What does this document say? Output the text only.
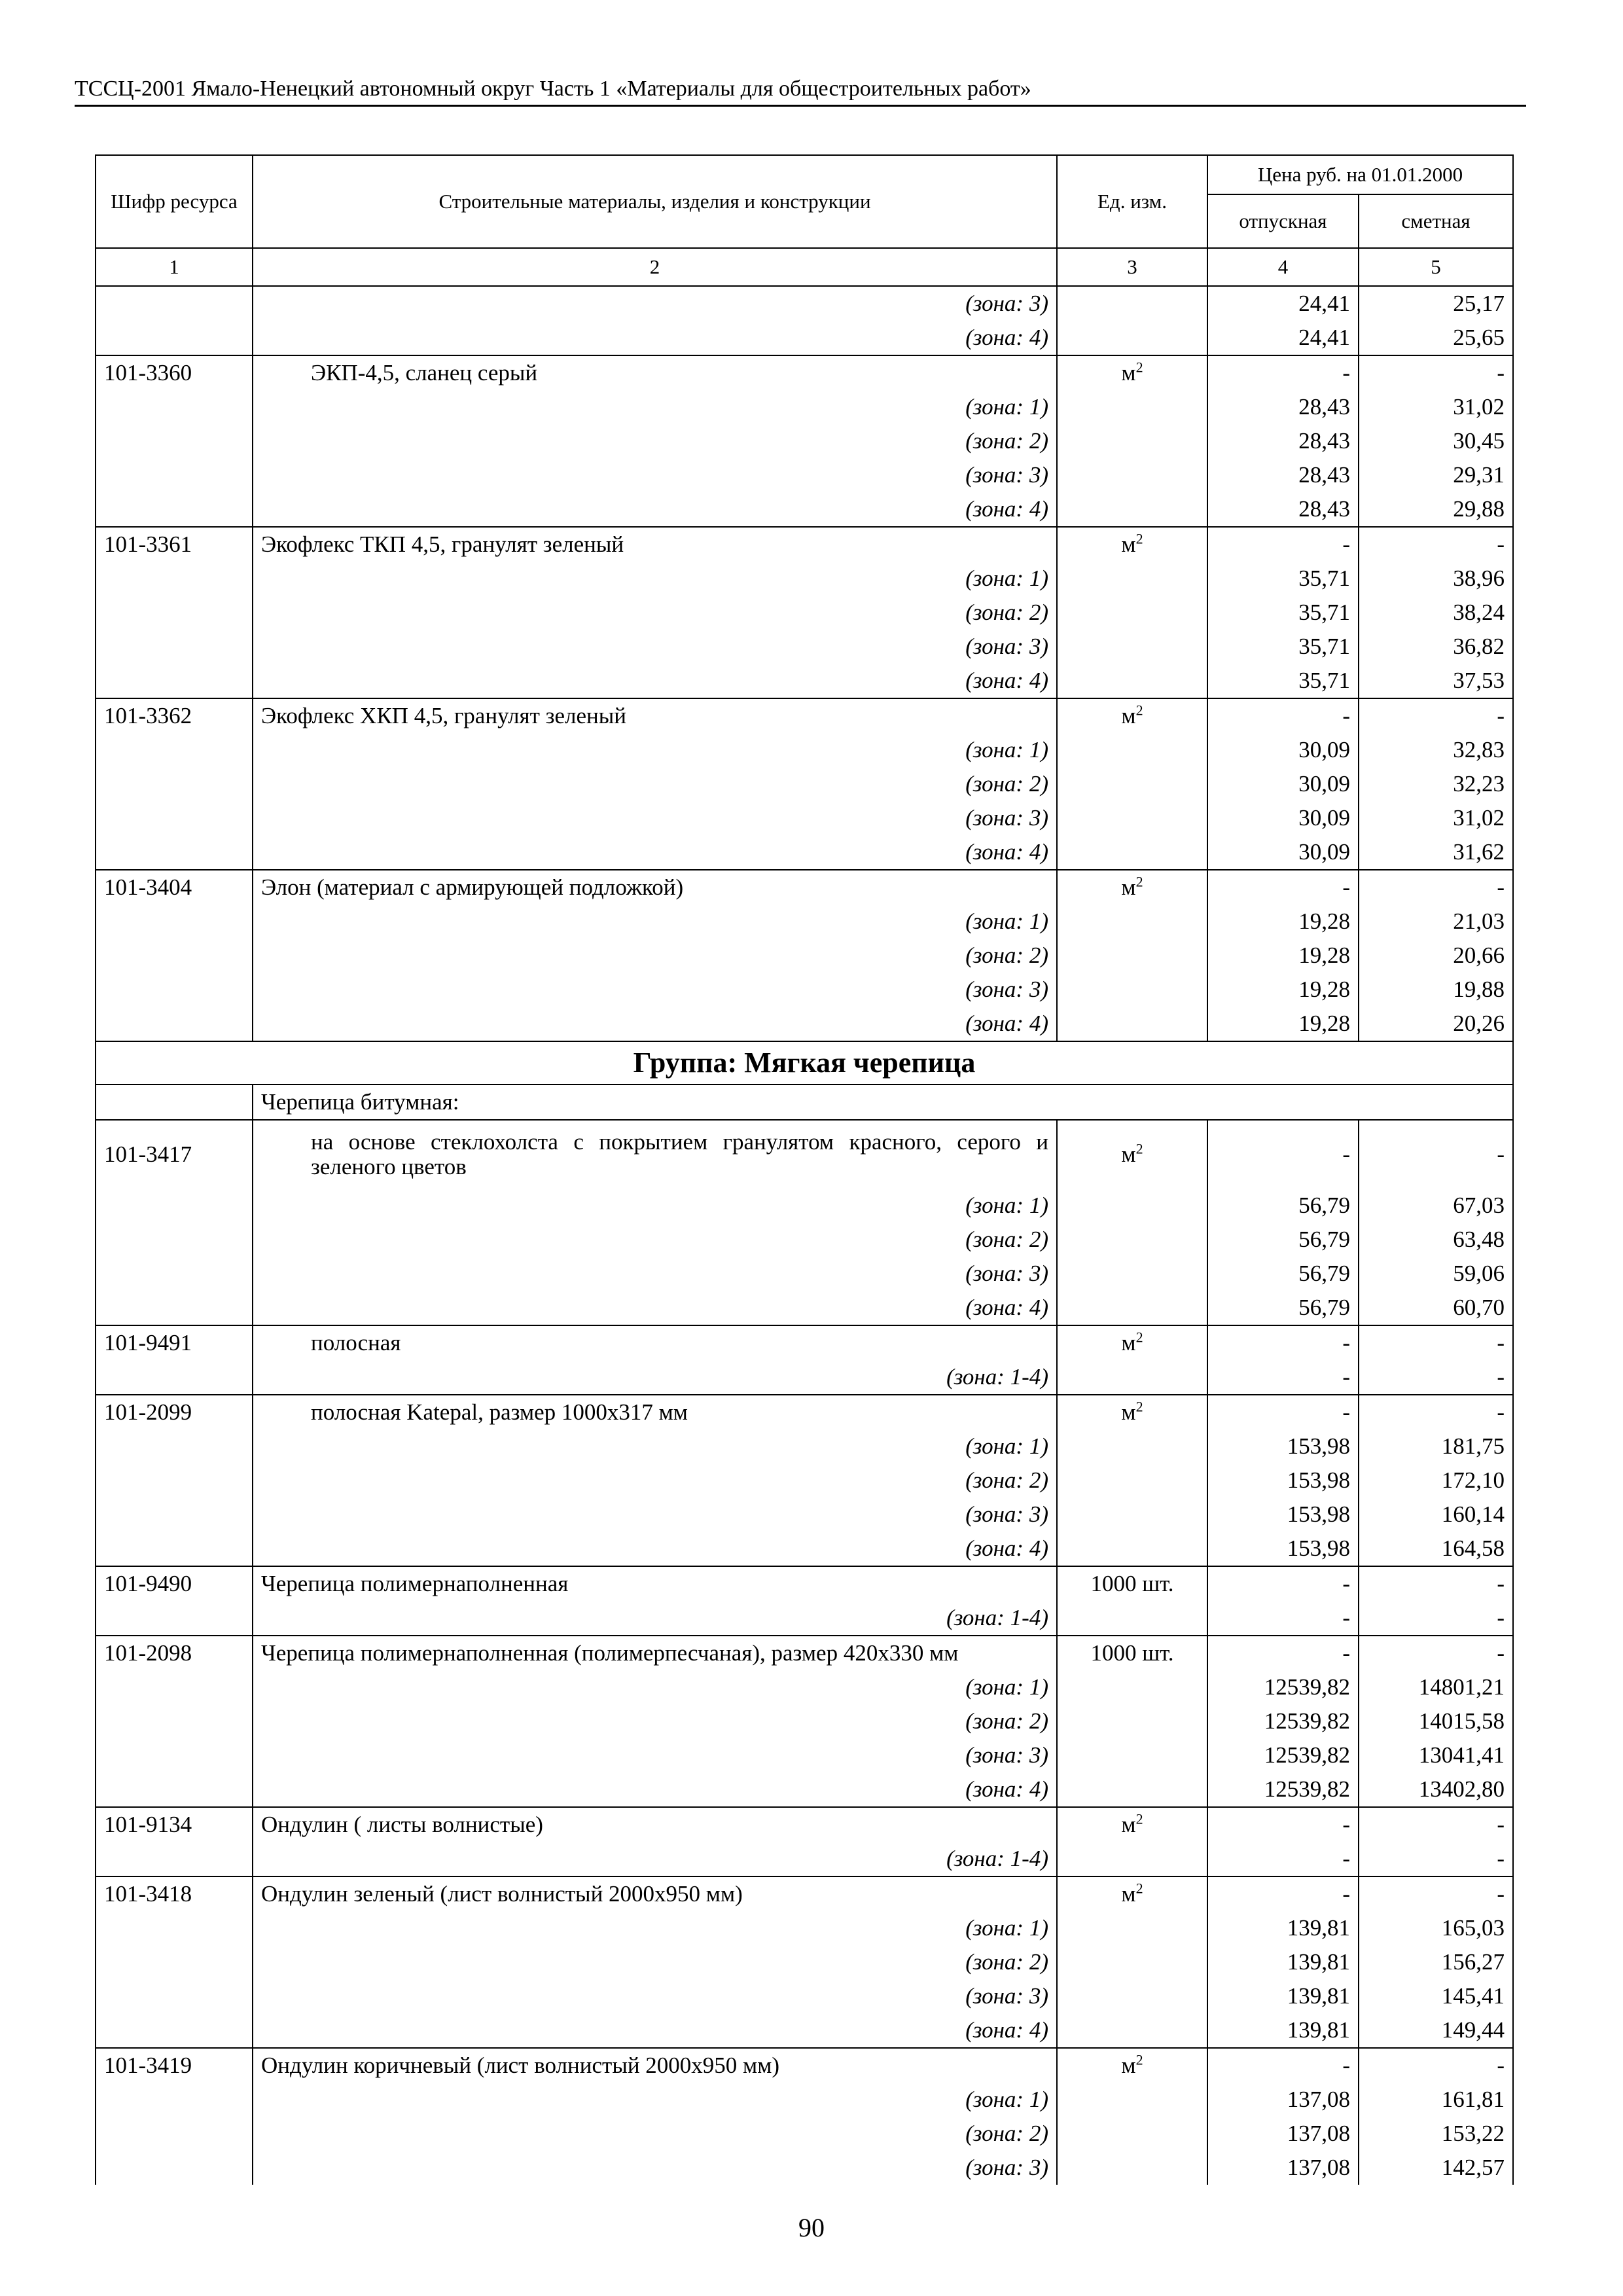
ТССЦ-2001 Ямало-Ненецкий автономный округ Часть 1 «Материалы для общестроительных работ»
Шифр ресурса	Строительные материалы, изделия и конструкции	Ед. изм.	Цена руб. на 01.01.2000	
			отпускная	сметная
1	2	3	4	5
	(зона: 3)		24,41	25,17
	(зона: 4)		24,41	25,65
101-3360	ЭКП-4,5, сланец серый	$м^2$	-	-
	(зона: 1)		28,43	31,02
	(зона: 2)		28,43	30,45
	(зона: 3)		28,43	29,31
	(зона: 4)		28,43	29,88
101-3361	Экофлекс ТКП 4,5, гранулят зеленый	$м^2$	-	-
	(зона: 1)		35,71	38,96
	(зона: 2)		35,71	38,24
	(зона: 3)		35,71	36,82
	(зона: 4)		35,71	37,53
101-3362	Экофлекс ХКП 4,5, гранулят зеленый	$м^2$	-	-
	(зона: 1)		30,09	32,83
	(зона: 2)		30,09	32,23
	(зона: 3)		30,09	31,02
	(зона: 4)		30,09	31,62
101-3404	Элон (материал с армирующей подложкой)	$м^2$	-	-
	(зона: 1)		19,28	21,03
	(зона: 2)		19,28	20,66
	(зона: 3)		19,28	19,88
	(зона: 4)		19,28	20,26
Группа: Мягкая черепица				
	Черепица битумная:			
101-3417	на основе стеклохолста с покрытием гранулятом красного, серого и зеленого цветов	$м^2$	-	-
	(зона: 1)		56,79	67,03
	(зона: 2)		56,79	63,48
	(зона: 3)		56,79	59,06
	(зона: 4)		56,79	60,70
101-9491	полосная	$м^2$	-	-
	(зона: 1-4)		-	-
101-2099	полосная Katepal, размер 1000х317 мм	$м^2$	-	-
	(зона: 1)		153,98	181,75
	(зона: 2)		153,98	172,10
	(зона: 3)		153,98	160,14
	(зона: 4)		153,98	164,58
101-9490	Черепица полимернаполненная	1000 шт.	-	-
	(зона: 1-4)		-	-
101-2098	Черепица полимернаполненная (полимерпесчаная), размер 420х330 мм	1000 шт.	-	-
	(зона: 1)		12539,82	14801,21
	(зона: 2)		12539,82	14015,58
	(зона: 3)		12539,82	13041,41
	(зона: 4)		12539,82	13402,80
101-9134	Ондулин ( листы волнистые)	$м^2$	-	-
	(зона: 1-4)		-	-
101-3418	Ондулин зеленый (лист волнистый 2000х950 мм)	$м^2$	-	-
	(зона: 1)		139,81	165,03
	(зона: 2)		139,81	156,27
	(зона: 3)		139,81	145,41
	(зона: 4)		139,81	149,44
101-3419	Ондулин коричневый (лист волнистый 2000х950 мм)	$м^2$	-	-
	(зона: 1)		137,08	161,81
	(зона: 2)		137,08	153,22
	(зона: 3)		137,08	142,57
90
